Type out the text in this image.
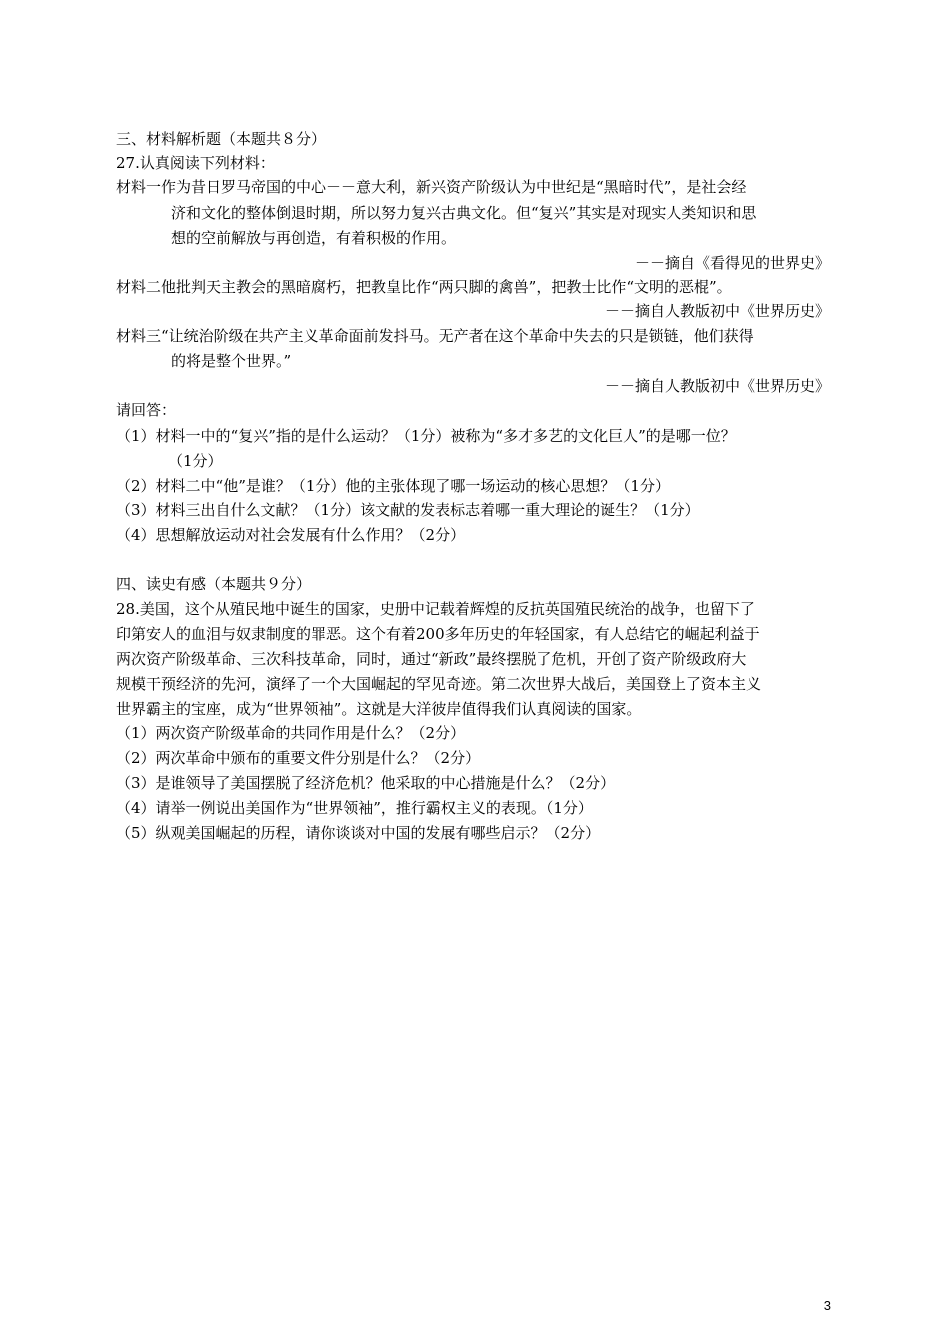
三、材料解析题（本题共８分）
27.认真阅读下列材料：
材料一作为昔日罗马帝国的中心－－意大利，新兴资产阶级认为中世纪是“黑暗时代”，是社会经
济和文化的整体倒退时期，所以努力复兴古典文化。但“复兴”其实是对现实人类知识和思
想的空前解放与再创造，有着积极的作用。
－－摘自《看得见的世界史》
材料二他批判天主教会的黑暗腐朽，把教皇比作“两只脚的禽兽”，把教士比作“文明的恶棍”。
－－摘自人教版初中《世界历史》
材料三“让统治阶级在共产主义革命面前发抖马。无产者在这个革命中失去的只是锁链，他们获得
的将是整个世界。”
－－摘自人教版初中《世界历史》
请回答：
（1）材料一中的“复兴”指的是什么运动？（1分）被称为“多才多艺的文化巨人”的是哪一位？
（1分）
（2）材料二中“他”是谁？（1分）他的主张体现了哪一场运动的核心思想？（1分）
（3）材料三出自什么文献？（1分）该文献的发表标志着哪一重大理论的诞生？（1分）
（4）思想解放运动对社会发展有什么作用？（2分）
四、读史有感（本题共９分）
28.美国，这个从殖民地中诞生的国家，史册中记载着辉煌的反抗英国殖民统治的战争，也留下了
印第安人的血泪与奴隶制度的罪恶。这个有着200多年历史的年轻国家，有人总结它的崛起利益于
两次资产阶级革命、三次科技革命，同时，通过“新政”最终摆脱了危机，开创了资产阶级政府大
规模干预经济的先河，演绎了一个大国崛起的罕见奇迹。第二次世界大战后，美国登上了资本主义
世界霸主的宝座，成为“世界领袖”。这就是大洋彼岸值得我们认真阅读的国家。
（1）两次资产阶级革命的共同作用是什么？（2分）
（2）两次革命中颁布的重要文件分别是什么？（2分）
（3）是谁领导了美国摆脱了经济危机？他采取的中心措施是什么？（2分）
（4）请举一例说出美国作为“世界领袖”，推行霸权主义的表现。（1分）
（5）纵观美国崛起的历程，请你谈谈对中国的发展有哪些启示？（2分）
3
